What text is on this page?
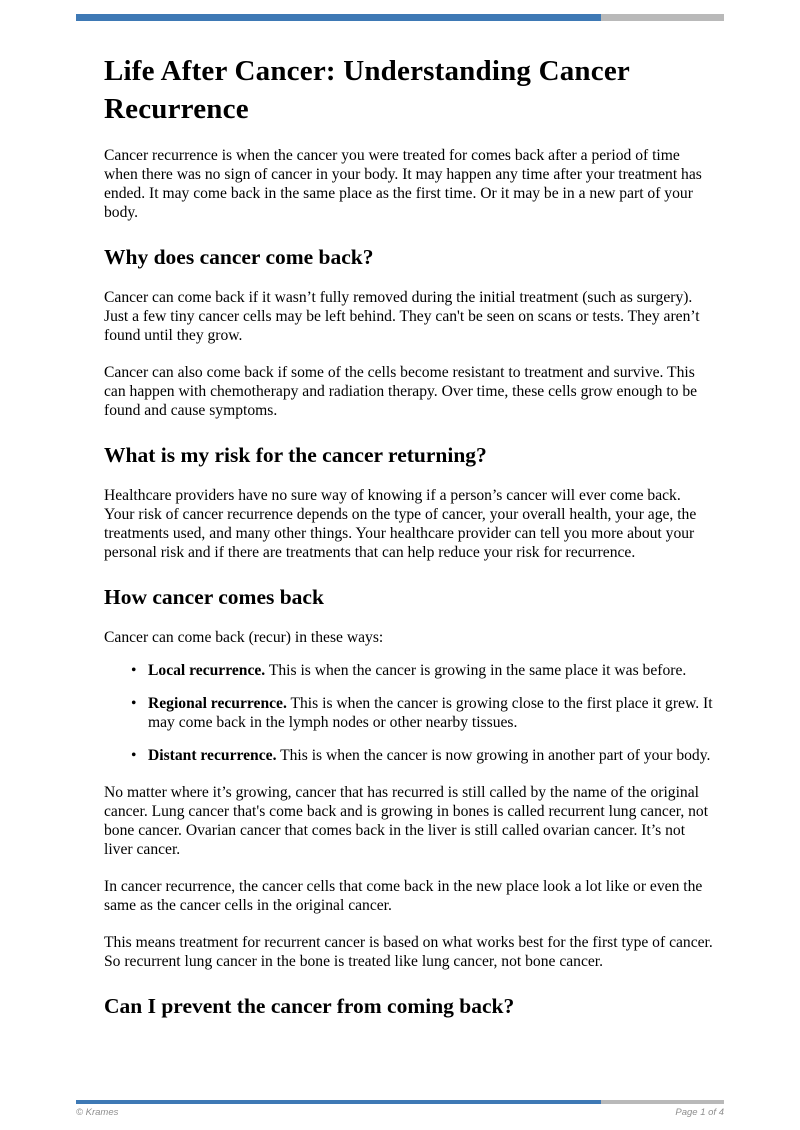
Life After Cancer: Understanding Cancer Recurrence

Cancer recurrence is when the cancer you were treated for comes back after a period of time when there was no sign of cancer in your body. It may happen any time after your treatment has ended. It may come back in the same place as the first time. Or it may be in a new part of your body.

Why does cancer come back?

Cancer can come back if it wasn’t fully removed during the initial treatment (such as surgery). Just a few tiny cancer cells may be left behind. They can't be seen on scans or tests. They aren’t found until they grow.

Cancer can also come back if some of the cells become resistant to treatment and survive. This can happen with chemotherapy and radiation therapy. Over time, these cells grow enough to be found and cause symptoms.

What is my risk for the cancer returning?

Healthcare providers have no sure way of knowing if a person’s cancer will ever come back. Your risk of cancer recurrence depends on the type of cancer, your overall health, your age, the treatments used, and many other things. Your healthcare provider can tell you more about your personal risk and if there are treatments that can help reduce your risk for recurrence.

How cancer comes back

Cancer can come back (recur) in these ways:

• Local recurrence. This is when the cancer is growing in the same place it was before.
• Regional recurrence. This is when the cancer is growing close to the first place it grew. It may come back in the lymph nodes or other nearby tissues.
• Distant recurrence. This is when the cancer is now growing in another part of your body.

No matter where it’s growing, cancer that has recurred is still called by the name of the original cancer. Lung cancer that's come back and is growing in bones is called recurrent lung cancer, not bone cancer. Ovarian cancer that comes back in the liver is still called ovarian cancer. It’s not liver cancer.

In cancer recurrence, the cancer cells that come back in the new place look a lot like or even the same as the cancer cells in the original cancer.

This means treatment for recurrent cancer is based on what works best for the first type of cancer. So recurrent lung cancer in the bone is treated like lung cancer, not bone cancer.

Can I prevent the cancer from coming back?
© Krames	Page 1 of 4
